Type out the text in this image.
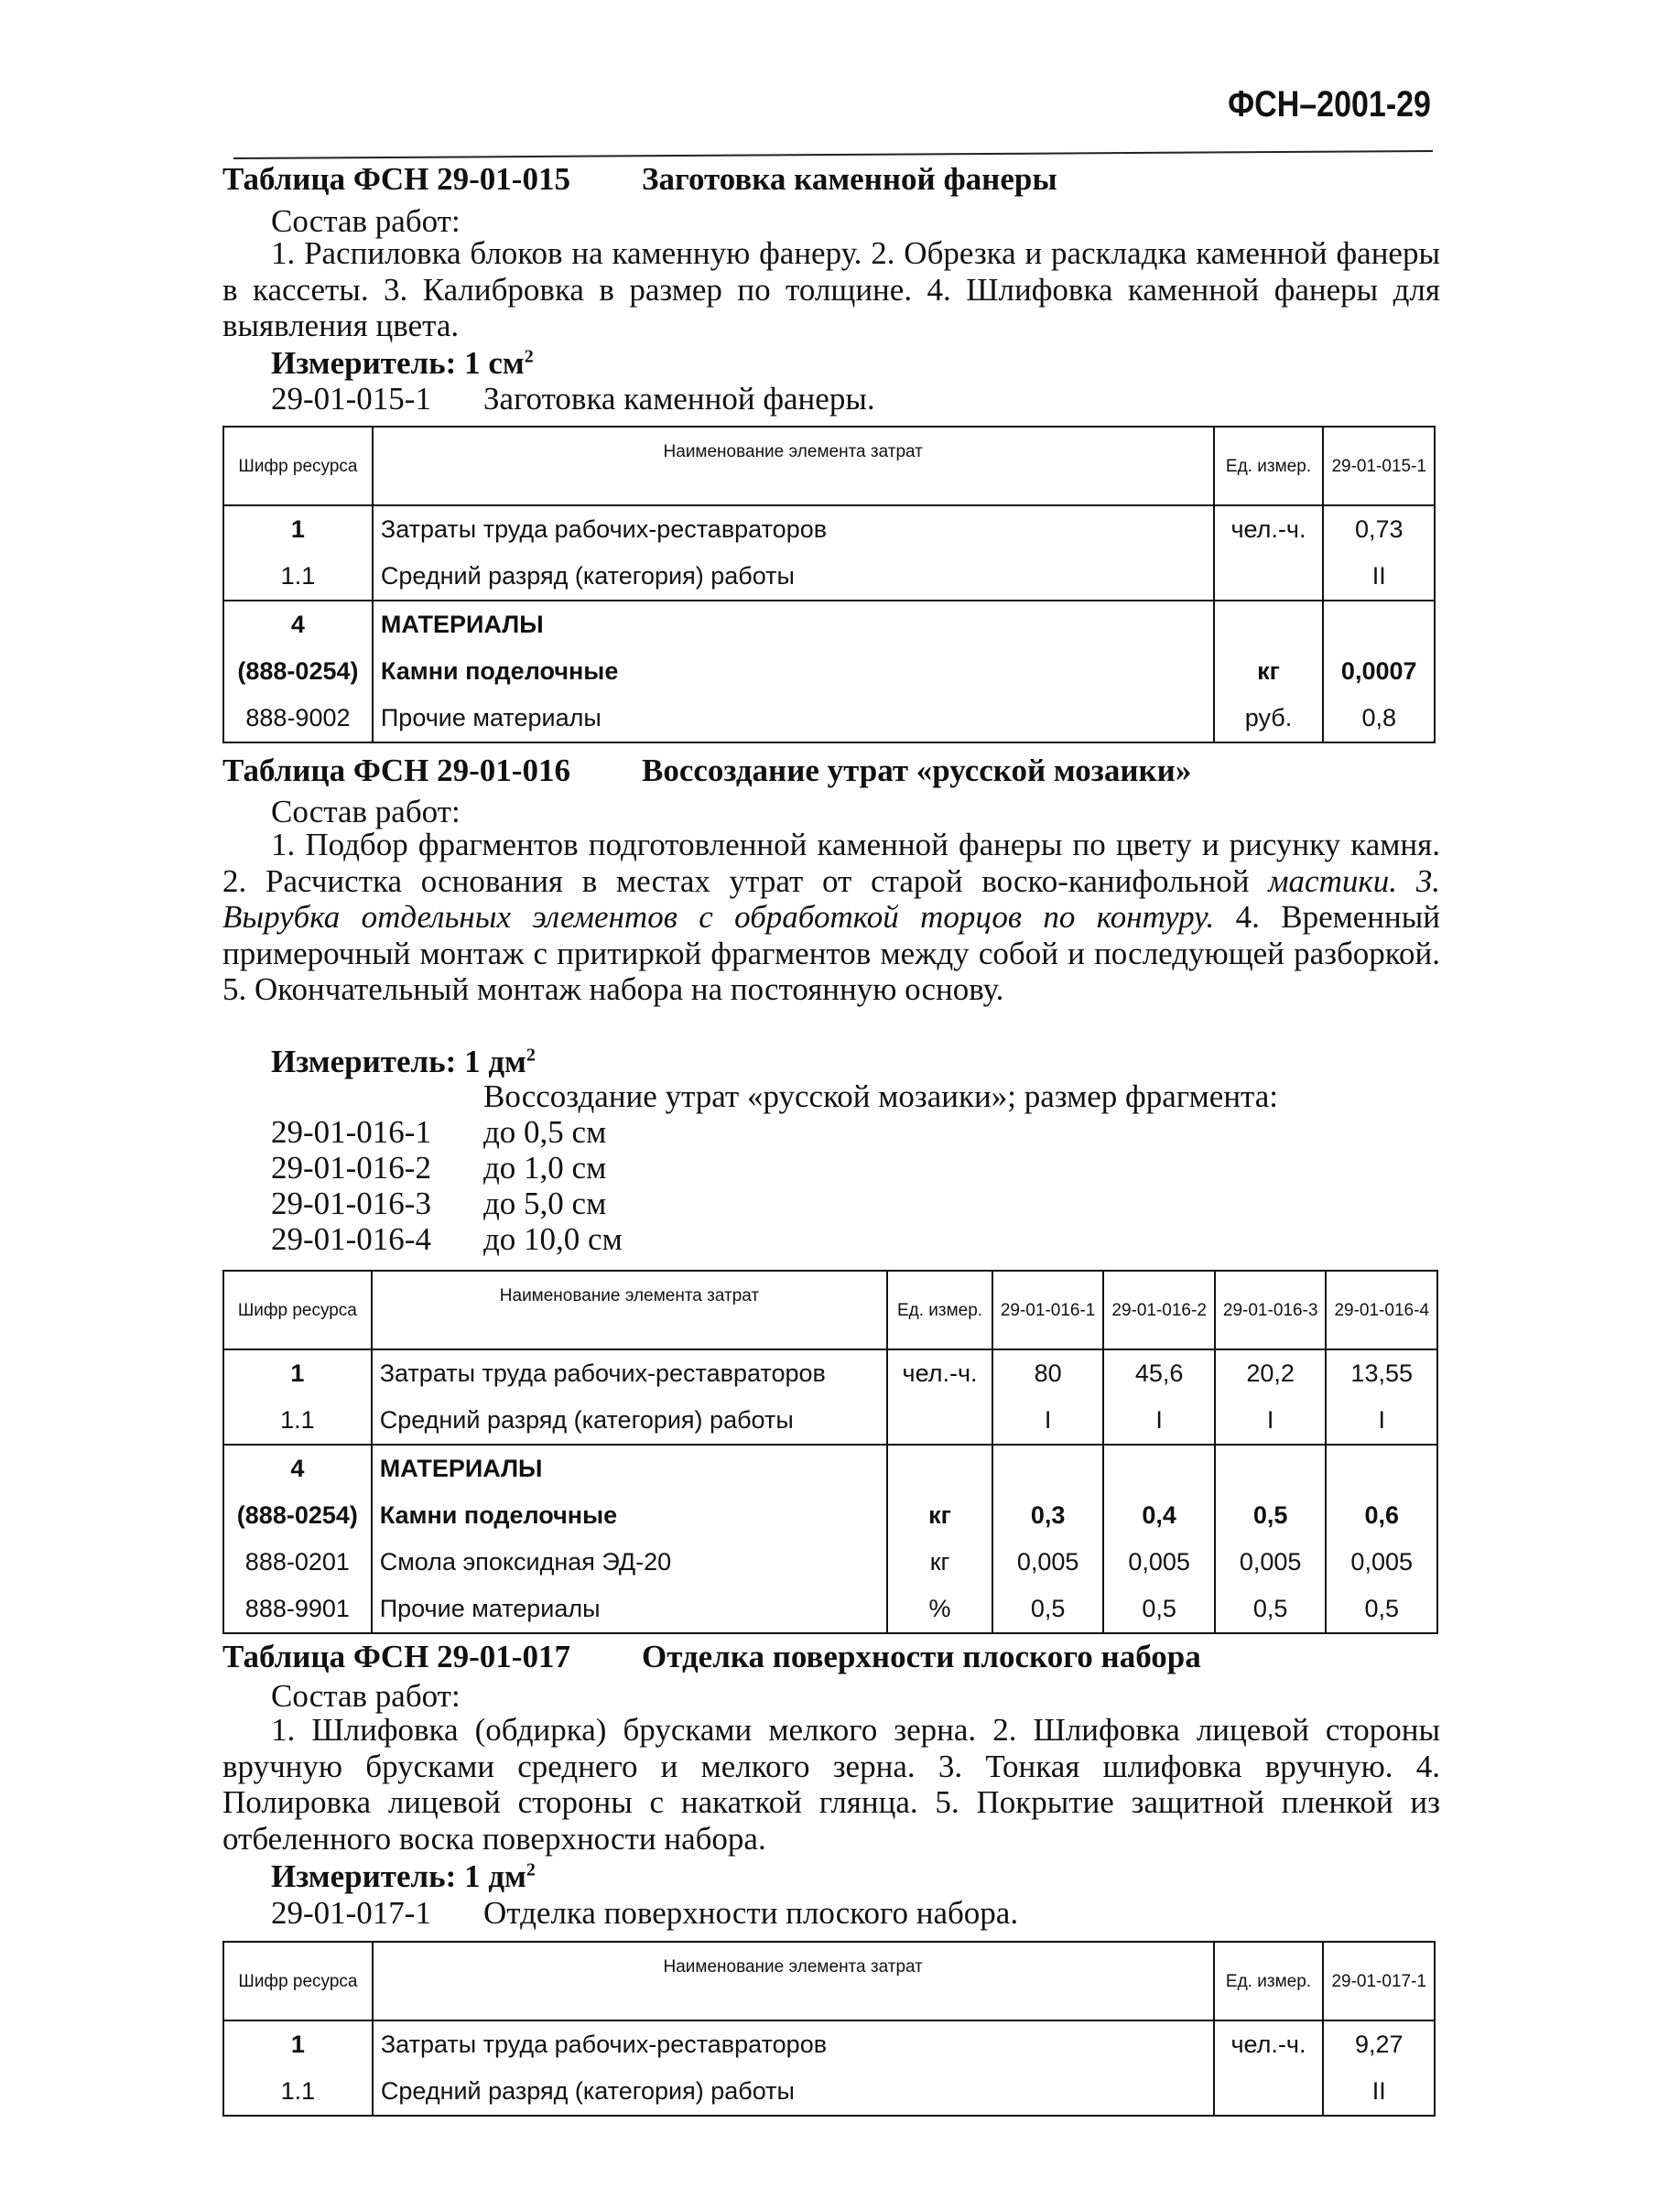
ФСН–2001-29
Таблица ФСН 29-01-015 Заготовка каменной фанеры
Состав работ:
1. Распиловка блоков на каменную фанеру. 2. Обрезка и раскладка каменной фанеры в кассеты. 3. Калибровка в размер по толщине. 4. Шлифовка каменной фанеры для выявления цвета.
Измеритель: 1 $см^2$
29-01-015-1 Заготовка каменной фанеры.
Шифр ресурса	Наименование элемента затрат	Ед. измер.	29-01-015-1
1	Затраты труда рабочих-реставраторов	чел.-ч.	0,73
1.1	Средний разряд (категория) работы		II
4	МАТЕРИАЛЫ		
(888-0254)	Камни поделочные	кг	0,0007
888-9002	Прочие материалы	руб.	0,8
Таблица ФСН 29-01-016 Воссоздание утрат «русской мозаики»
Состав работ:
1. Подбор фрагментов подготовленной каменной фанеры по цвету и рисунку камня. 2. Расчистка основания в местах утрат от старой воско-канифольной мастики. 3. Вырубка отдельных элементов с обработкой торцов по контуру. 4. Временный примерочный монтаж с притиркой фрагментов между собой и последующей разборкой. 5. Окончательный монтаж набора на постоянную основу.
Измеритель: 1 $дм^2$
Воссоздание утрат «русской мозаики»; размер фрагмента:
29-01-016-1 до 0,5 см
29-01-016-2 до 1,0 см
29-01-016-3 до 5,0 см
29-01-016-4 до 10,0 см
Шифр ресурса	Наименование элемента затрат	Ед. измер.	29-01-016-1	29-01-016-2	29-01-016-3	29-01-016-4
1	Затраты труда рабочих-реставраторов	чел.-ч.	80	45,6	20,2	13,55
1.1	Средний разряд (категория) работы		I	I	I	I
4	МАТЕРИАЛЫ					
(888-0254)	Камни поделочные	кг	0,3	0,4	0,5	0,6
888-0201	Смола эпоксидная ЭД-20	кг	0,005	0,005	0,005	0,005
888-9901	Прочие материалы	%	0,5	0,5	0,5	0,5
Таблица ФСН 29-01-017 Отделка поверхности плоского набора
Состав работ:
1. Шлифовка (обдирка) брусками мелкого зерна. 2. Шлифовка лицевой стороны вручную брусками среднего и мелкого зерна. 3. Тонкая шлифовка вручную. 4. Полировка лицевой стороны с накаткой глянца. 5. Покрытие защитной пленкой из отбеленного воска поверхности набора.
Измеритель: 1 $дм^2$
29-01-017-1 Отделка поверхности плоского набора.
Шифр ресурса	Наименование элемента затрат	Ед. измер.	29-01-017-1
1	Затраты труда рабочих-реставраторов	чел.-ч.	9,27
1.1	Средний разряд (категория) работы		II
